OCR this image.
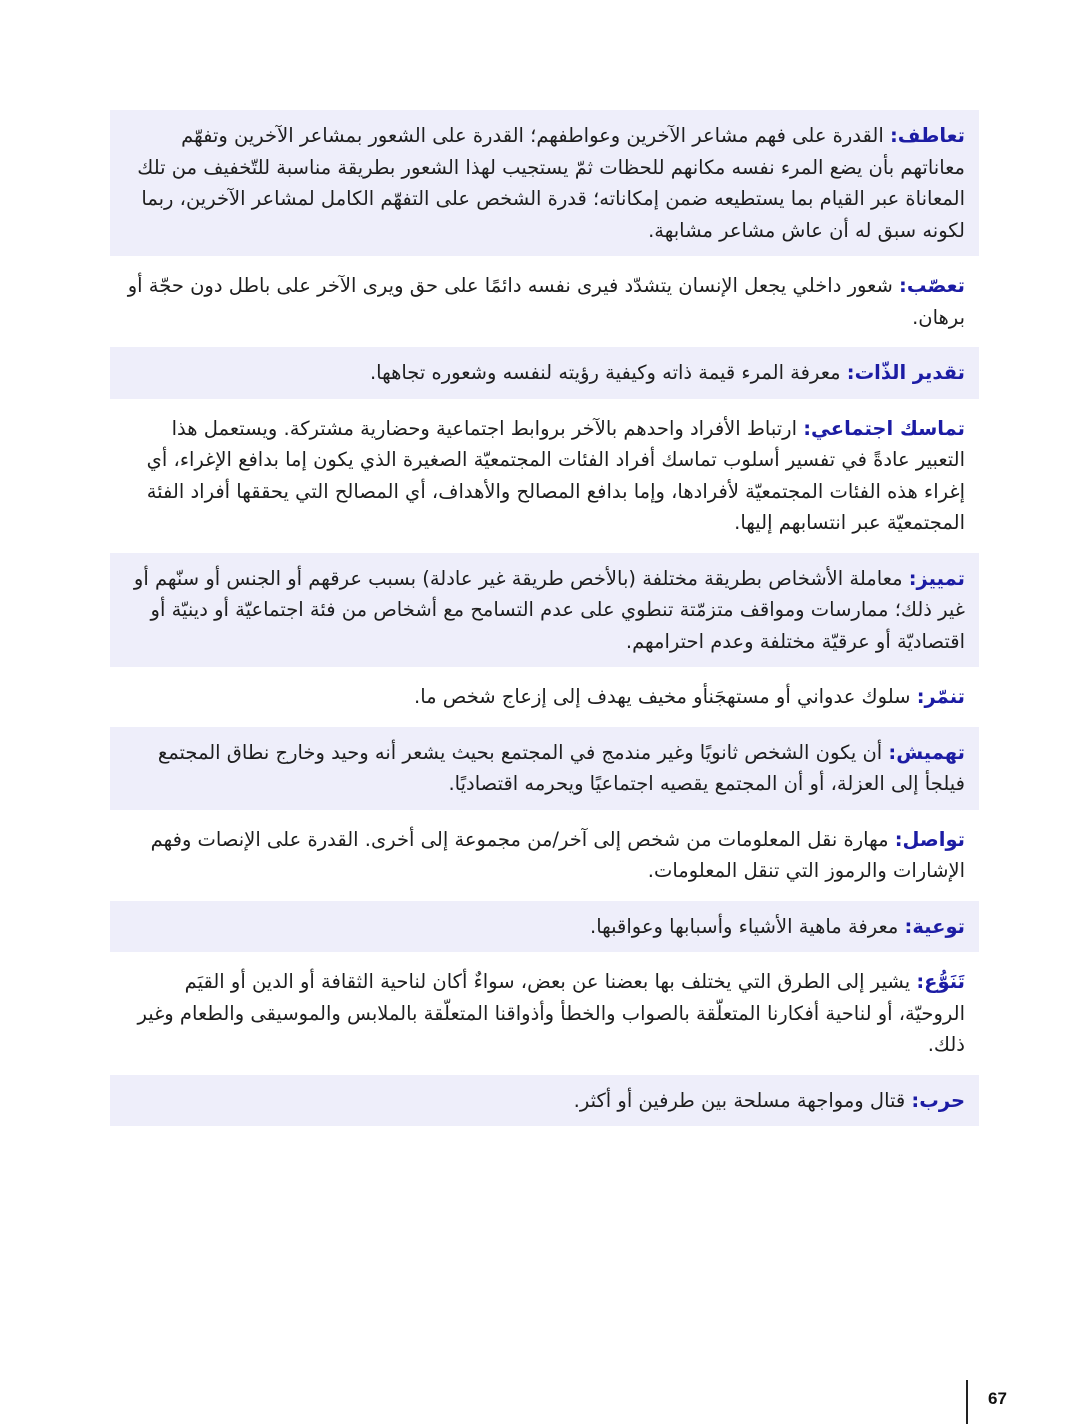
تعاطف: القدرة على فهم مشاعر الآخرين وعواطفهم؛ القدرة على الشعور بمشاعر الآخرين وتفهّم معاناتهم بأن يضع المرء نفسه مكانهم للحظات ثمّ يستجيب لهذا الشعور بطريقة مناسبة للتّخفيف من تلك المعاناة عبر القيام بما يستطيعه ضمن إمكاناته؛ قدرة الشخص على التفهّم الكامل لمشاعر الآخرين، ربما لكونه سبق له أن عاش مشاعر مشابهة.
تعصّب: شعور داخلي يجعل الإنسان يتشدّد فيرى نفسه دائمًا على حق ويرى الآخر على باطل دون حجّة أو برهان.
تقدير الذّات: معرفة المرء قيمة ذاته وكيفية رؤيته لنفسه وشعوره تجاهها.
تماسك اجتماعي: ارتباط الأفراد واحدهم بالآخر بروابط اجتماعية وحضارية مشتركة. ويستعمل هذا التعبير عادةً في تفسير أسلوب تماسك أفراد الفئات المجتمعيّة الصغيرة الذي يكون إما بدافع الإغراء، أي إغراء هذه الفئات المجتمعيّة لأفرادها، وإما بدافع المصالح والأهداف، أي المصالح التي يحققها أفراد الفئة المجتمعيّة عبر انتسابهم إليها.
تمييز: معاملة الأشخاص بطريقة مختلفة (بالأخص طريقة غير عادلة) بسبب عرقهم أو الجنس أو سنّهم أو غير ذلك؛ ممارسات ومواقف متزمّتة تنطوي على عدم التسامح مع أشخاص من فئة اجتماعيّة أو دينيّة أو اقتصاديّة أو عرقيّة مختلفة وعدم احترامهم.
تنمّر: سلوك عدواني أو مستهجَنأو مخيف يهدف إلى إزعاج شخص ما.
تهميش: أن يكون الشخص ثانويًا وغير مندمج في المجتمع بحيث يشعر أنه وحيد وخارج نطاق المجتمع فيلجأ إلى العزلة، أو أن المجتمع يقصيه اجتماعيًا ويحرمه اقتصاديًا.
تواصل: مهارة نقل المعلومات من شخص إلى آخر/من مجموعة إلى أخرى. القدرة على الإنصات وفهم الإشارات والرموز التي تنقل المعلومات.
توعية: معرفة ماهية الأشياء وأسبابها وعواقبها.
تَنَوُّع: يشير إلى الطرق التي يختلف بها بعضنا عن بعض، سواءٌ أكان لناحية الثقافة أو الدين أو القيَم الروحيّة، أو لناحية أفكارنا المتعلّقة بالصواب والخطأ وأذواقنا المتعلّقة بالملابس والموسيقى والطعام وغير ذلك.
حرب: قتال ومواجهة مسلحة بين طرفين أو أكثر.
67
